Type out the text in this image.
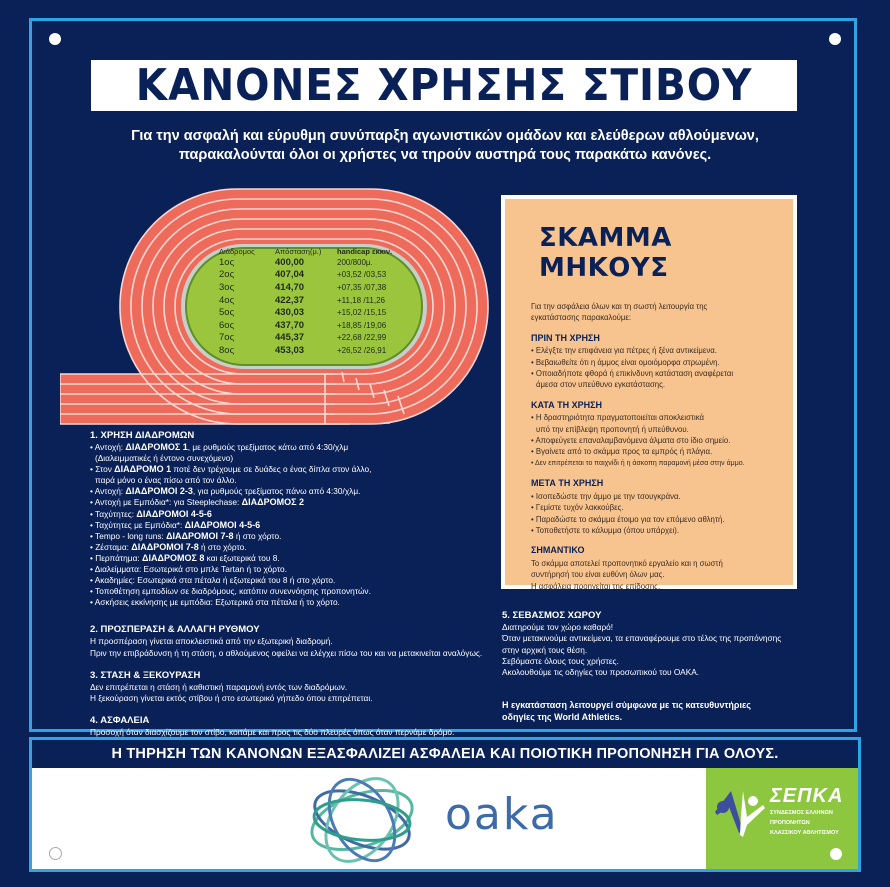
ΚΑΝΟΝΕΣ ΧΡΗΣΗΣ ΣΤΙΒΟΥ
Για την ασφαλή και εύρυθμη συνύπαρξη αγωνιστικών ομάδων και ελεύθερων αθλούμενων,
παρακαλούνται όλοι οι χρήστες να τηρούν αυστηρά τους παρακάτω κανόνες.
Διάδρομος	Απόσταση(μ.)	handicap εκκιν.
1ος	400,00	200/800μ.
2ος	407,04	+03,52 /03,53
3ος	414,70	+07,35 /07,38
4ος	422,37	+11,18 /11,26
5ος	430,03	+15,02 /15,15
6ος	437,70	+18,85 /19,06
7ος	445,37	+22,68 /22,99
8ος	453,03	+26,52 /26,91
1. ΧΡΗΣΗ ΔΙΑΔΡΟΜΩΝ

• Αντοχή: ΔΙΑΔΡΟΜΟΣ 1, με ρυθμούς τρεξίματος κάτω από 4:30/χλμ

(Διαλειμματικές ή έντονο συνεχόμενο)

• Στον ΔΙΑΔΡΟΜΟ 1 ποτέ δεν τρέχουμε σε δυάδες ο ένας δίπλα στον άλλο,

παρά μόνο ο ένας πίσω από τον άλλο.

• Αντοχή: ΔΙΑΔΡΟΜΟΙ 2-3, για ρυθμούς τρεξίματος πάνω από 4:30/χλμ.

• Αντοχή με Εμπόδια*: για Steeplechase: ΔΙΑΔΡΟΜΟΣ 2

• Ταχύτητες: ΔΙΑΔΡΟΜΟΙ 4-5-6

• Ταχύτητες με Εμπόδια*: ΔΙΑΔΡΟΜΟΙ 4-5-6

• Tempo - long runs: ΔΙΑΔΡΟΜΟΙ 7-8 ή στο χόρτο.

• Ζέσταμα: ΔΙΑΔΡΟΜΟΙ 7-8 ή στο χόρτο.

• Περπάτημα: ΔΙΑΔΡΟΜΟΣ 8 και εξωτερικά του 8.

• Διαλείμματα: Εσωτερικά στο μπλε Tartan ή το χόρτο.

• Ακαδημίες: Εσωτερικά στα πέταλα ή εξωτερικά του 8 ή στο χόρτο.

• Τοποθέτηση εμποδίων σε διαδρόμους, κατόπιν συνεννόησης προπονητών.

• Ασκήσεις εκκίνησης με εμπόδια: Εξωτερικά στα πέταλα ή το χόρτο.

2. ΠΡΟΣΠΕΡΑΣΗ & ΑΛΛΑΓΗ ΡΥΘΜΟΥ

Η προσπέραση γίνεται αποκλειστικά από την εξωτερική διαδρομή.

Πριν την επιβράδυνση ή τη στάση, ο αθλούμενος οφείλει να ελέγχει πίσω του και να μετακινείται αναλόγως.

3. ΣΤΑΣΗ & ΞΕΚΟΥΡΑΣΗ

Δεν επιτρέπεται η στάση ή καθιστική παραμονή εντός των διαδρόμων.

Η ξεκούραση γίνεται εκτός στίβου ή στο εσωτερικό γήπεδο όπου επιτρέπεται.

4. ΑΣΦΑΛΕΙΑ

Προσοχή όταν διασχίζουμε τον στίβο, κοιτάμε και προς τις δύο πλευρές όπως όταν περνάμε δρόμο.

ΣΚΑΜΜΑ ΜΗΚΟΥΣ

Για την ασφάλεια όλων και τη σωστή λειτουργία της

εγκατάστασης παρακαλούμε:

ΠΡΙΝ ΤΗ ΧΡΗΣΗ

• Ελέγξτε την επιφάνεια για πέτρες ή ξένα αντικείμενα.

• Βεβαιωθείτε ότι η άμμος είναι ομοιόμορφα στρωμένη.

• Οποιαδήποτε φθορά ή επικίνδυνη κατάσταση αναφέρεται

άμεσα στον υπεύθυνο εγκατάστασης.

ΚΑΤΑ ΤΗ ΧΡΗΣΗ

• Η δραστηριότητα πραγματοποιείται αποκλειστικά

υπό την επίβλεψη προπονητή ή υπεύθυνου.

• Αποφεύγετε επαναλαμβανόμενα άλματα στο ίδιο σημείο.

• Βγαίνετε από το σκάμμα προς τα εμπρός ή πλάγια.

• Δεν επιτρέπεται το παιχνίδι ή η άσκοπη παραμονή μέσα στην άμμο.

ΜΕΤΑ ΤΗ ΧΡΗΣΗ

• Ισοπεδώστε την άμμο με την τσουγκράνα.

• Γεμίστε τυχόν λακκούβες.

• Παραδώστε το σκάμμα έτοιμο για τον επόμενο αθλητή.

• Τοποθετήστε το κάλυμμα (όπου υπάρχει).

ΣΗΜΑΝΤΙΚΟ

Το σκάμμα αποτελεί προπονητικό εργαλείο και η σωστή

συντήρησή του είναι ευθύνη όλων μας.

Η ασφάλεια προηγείται της επίδοσης.

5. ΣΕΒΑΣΜΟΣ ΧΩΡΟΥ

Διατηρούμε τον χώρο καθαρό!

Όταν μετακινούμε αντικείμενα, τα επαναφέρουμε στο τέλος της προπόνησης

στην αρχική τους θέση.

Σεβόμαστε όλους τους χρήστες.

Ακολουθούμε τις οδηγίες του προσωπικού του ΟΑΚΑ.

Η εγκατάσταση λειτουργεί σύμφωνα με τις κατευθυντήριες
οδηγίες της World Athletics.
Η ΤΗΡΗΣΗ ΤΩΝ ΚΑΝΟΝΩΝ ΕΞΑΣΦΑΛΙΖΕΙ ΑΣΦΑΛΕΙΑ ΚΑΙ ΠΟΙΟΤΙΚΗ ΠΡΟΠΟΝΗΣΗ ΓΙΑ ΟΛΟΥΣ.
oaka	ΣΕΠΚΑ
ΣΥΝΔΕΣΜΟΣ ΕΛΛΗΝΩΝ
ΠΡΟΠΟΝΗΤΩΝ
ΚΛΑΣΣΙΚΟΥ ΑΘΛΗΤΙΣΜΟΥ
